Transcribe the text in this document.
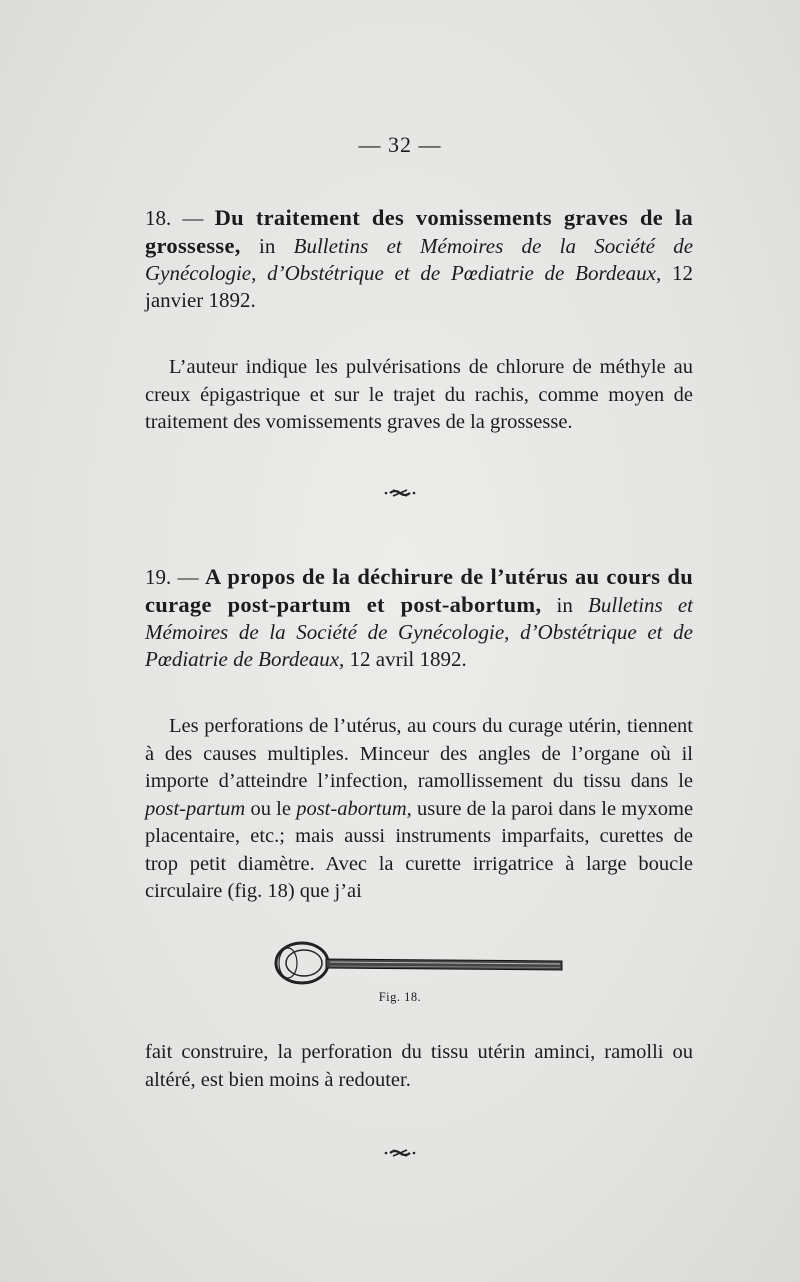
— 32 —
18. — Du traitement des vomissements graves de la grossesse, in Bulletins et Mémoires de la Société de Gynécologie, d’Obstétrique et de Pœdiatrie de Bordeaux, 12 janvier 1892.

L’auteur indique les pulvérisations de chlorure de méthyle au creux épigastrique et sur le trajet du rachis, comme moyen de traitement des vomissements graves de la grossesse.

19. — A propos de la déchirure de l’utérus au cours du curage post-partum et post-abortum, in Bulletins et Mémoires de la Société de Gynécologie, d’Obstétrique et de Pœdiatrie de Bordeaux, 12 avril 1892.

Les perforations de l’utérus, au cours du curage utérin, tiennent à des causes multiples. Minceur des angles de l’organe où il importe d’atteindre l’infection, ramollissement du tissu dans le post-partum ou le post-abortum, usure de la paroi dans le myxome placentaire, etc.; mais aussi instruments imparfaits, curettes de trop petit diamètre. Avec la curette irrigatrice à large boucle circulaire (fig. 18) que j’ai

Fig. 18.

fait construire, la perforation du tissu utérin aminci, ramolli ou altéré, est bien moins à redouter.
